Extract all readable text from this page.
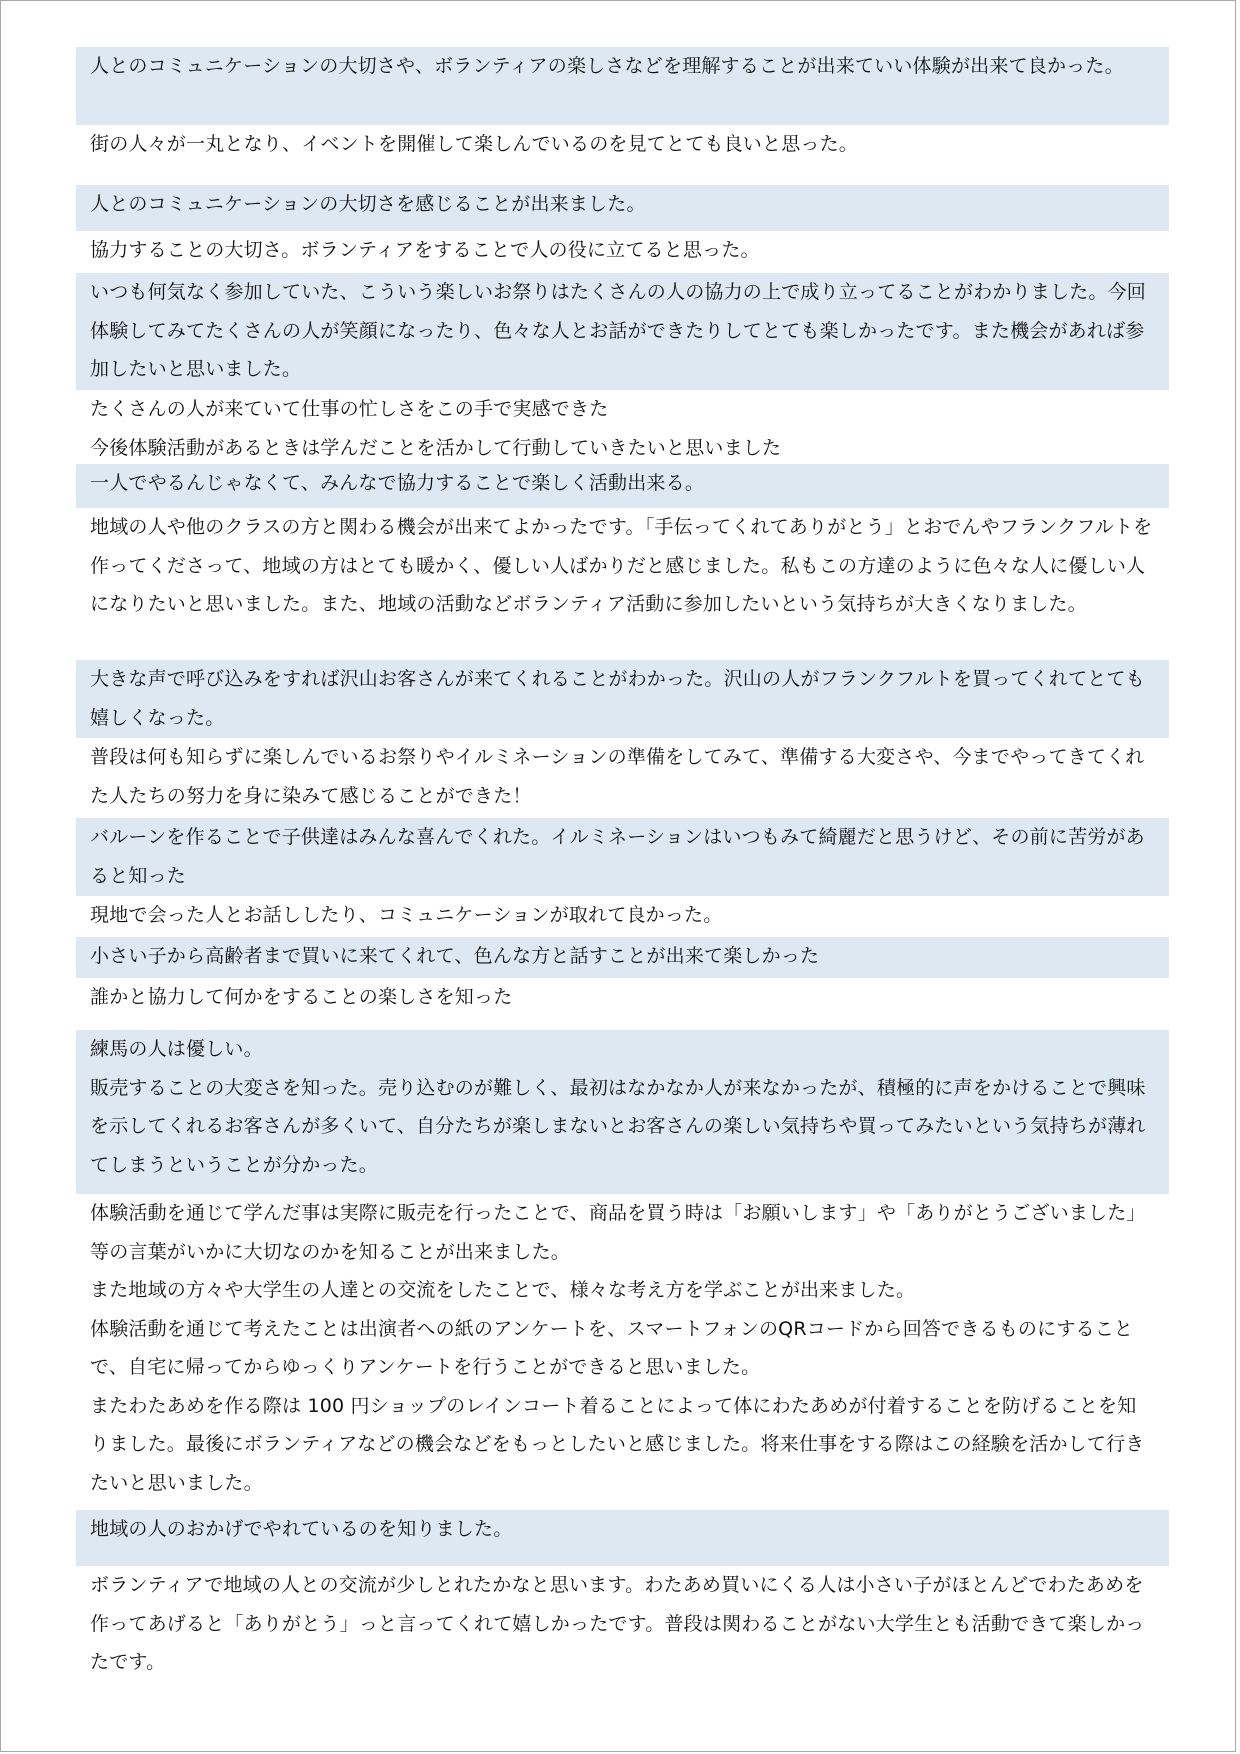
人とのコミュニケーションの大切さや、ボランティアの楽しさなどを理解することが出来ていい体験が出来て良かった。

街の人々が一丸となり、イベントを開催して楽しんでいるのを見てとても良いと思った。

人とのコミュニケーションの大切さを感じることが出来ました。

協力することの大切さ。ボランティアをすることで人の役に立てると思った。

いつも何気なく参加していた、こういう楽しいお祭りはたくさんの人の協力の上で成り立ってることがわかりました。今回体験してみてたくさんの人が笑顔になったり、色々な人とお話ができたりしてとても楽しかったです。また機会があれば参加したいと思いました。

たくさんの人が来ていて仕事の忙しさをこの手で実感できた

今後体験活動があるときは学んだことを活かして行動していきたいと思いました

一人でやるんじゃなくて、みんなで協力することで楽しく活動出来る。

地域の人や他のクラスの方と関わる機会が出来てよかったです。「手伝ってくれてありがとう」とおでんやフランクフルトを作ってくださって、地域の方はとても暖かく、優しい人ばかりだと感じました。私もこの方達のように色々な人に優しい人になりたいと思いました。また、地域の活動などボランティア活動に参加したいという気持ちが大きくなりました。

大きな声で呼び込みをすれば沢山お客さんが来てくれることがわかった。沢山の人がフランクフルトを買ってくれてとても嬉しくなった。

普段は何も知らずに楽しんでいるお祭りやイルミネーションの準備をしてみて、準備する大変さや、今までやってきてくれた人たちの努力を身に染みて感じることができた！

バルーンを作ることで子供達はみんな喜んでくれた。イルミネーションはいつもみて綺麗だと思うけど、その前に苦労があると知った

現地で会った人とお話ししたり、コミュニケーションが取れて良かった。

小さい子から高齢者まで買いに来てくれて、色んな方と話すことが出来て楽しかった

誰かと協力して何かをすることの楽しさを知った

練馬の人は優しい。

販売することの大変さを知った。売り込むのが難しく、最初はなかなか人が来なかったが、積極的に声をかけることで興味を示してくれるお客さんが多くいて、自分たちが楽しまないとお客さんの楽しい気持ちや買ってみたいという気持ちが薄れてしまうということが分かった。

体験活動を通じて学んだ事は実際に販売を行ったことで、商品を買う時は「お願いします」や「ありがとうございました」等の言葉がいかに大切なのかを知ることが出来ました。

また地域の方々や大学生の人達との交流をしたことで、様々な考え方を学ぶことが出来ました。

体験活動を通じて考えたことは出演者への紙のアンケートを、スマートフォンのQRコードから回答できるものにすることで、自宅に帰ってからゆっくりアンケートを行うことができると思いました。

またわたあめを作る際は 100 円ショップのレインコート着ることによって体にわたあめが付着することを防げることを知りました。最後にボランティアなどの機会などをもっとしたいと感じました。将来仕事をする際はこの経験を活かして行きたいと思いました。

地域の人のおかげでやれているのを知りました。

ボランティアで地域の人との交流が少しとれたかなと思います。わたあめ買いにくる人は小さい子がほとんどでわたあめを作ってあげると「ありがとう」っと言ってくれて嬉しかったです。普段は関わることがない大学生とも活動できて楽しかったです。
